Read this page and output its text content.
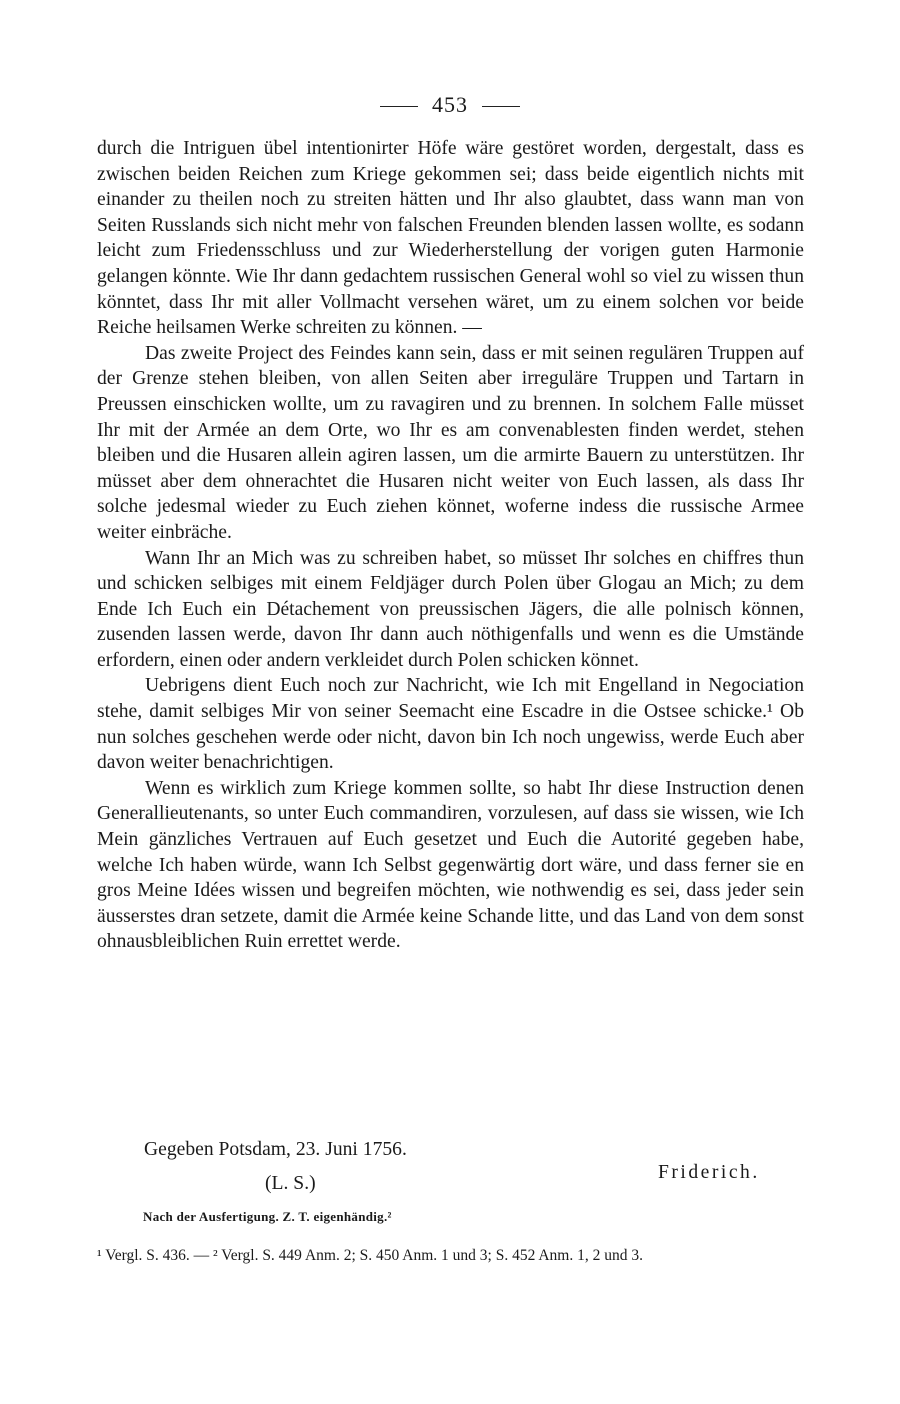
453

durch die Intriguen übel intentionirter Höfe wäre gestöret worden, dergestalt, dass es zwischen beiden Reichen zum Kriege gekommen sei; dass beide eigentlich nichts mit einander zu theilen noch zu streiten hätten und Ihr also glaubtet, dass wann man von Seiten Russlands sich nicht mehr von falschen Freunden blenden lassen wollte, es sodann leicht zum Friedensschluss und zur Wiederherstellung der vorigen guten Harmonie gelangen könnte. Wie Ihr dann gedachtem russischen General wohl so viel zu wissen thun könntet, dass Ihr mit aller Vollmacht versehen wäret, um zu einem solchen vor beide Reiche heilsamen Werke schreiten zu können. —

Das zweite Project des Feindes kann sein, dass er mit seinen regulären Truppen auf der Grenze stehen bleiben, von allen Seiten aber irreguläre Truppen und Tartarn in Preussen einschicken wollte, um zu ravagiren und zu brennen. In solchem Falle müsset Ihr mit der Armée an dem Orte, wo Ihr es am convenablesten finden werdet, stehen bleiben und die Husaren allein agiren lassen, um die armirte Bauern zu unterstützen. Ihr müsset aber dem ohnerachtet die Husaren nicht weiter von Euch lassen, als dass Ihr solche jedesmal wieder zu Euch ziehen könnet, woferne indess die russische Armee weiter einbräche.

Wann Ihr an Mich was zu schreiben habet, so müsset Ihr solches en chiffres thun und schicken selbiges mit einem Feldjäger durch Polen über Glogau an Mich; zu dem Ende Ich Euch ein Détachement von preussischen Jägers, die alle polnisch können, zusenden lassen werde, davon Ihr dann auch nöthigenfalls und wenn es die Umstände erfordern, einen oder andern verkleidet durch Polen schicken könnet.

Uebrigens dient Euch noch zur Nachricht, wie Ich mit Engelland in Negociation stehe, damit selbiges Mir von seiner Seemacht eine Escadre in die Ostsee schicke.¹ Ob nun solches geschehen werde oder nicht, davon bin Ich noch ungewiss, werde Euch aber davon weiter benachrichtigen.

Wenn es wirklich zum Kriege kommen sollte, so habt Ihr diese Instruction denen Generallieutenants, so unter Euch commandiren, vorzulesen, auf dass sie wissen, wie Ich Mein gänzliches Vertrauen auf Euch gesetzet und Euch die Autorité gegeben habe, welche Ich haben würde, wann Ich Selbst gegenwärtig dort wäre, und dass ferner sie en gros Meine Idées wissen und begreifen möchten, wie nothwendig es sei, dass jeder sein äusserstes dran setzete, damit die Armée keine Schande litte, und das Land von dem sonst ohnausbleiblichen Ruin errettet werde.

Gegeben Potsdam, 23. Juni 1756.
Friderich.
(L. S.)
Nach der Ausfertigung. Z. T. eigenhändig.²
¹ Vergl. S. 436. — ² Vergl. S. 449 Anm. 2; S. 450 Anm. 1 und 3; S. 452 Anm. 1, 2 und 3.
